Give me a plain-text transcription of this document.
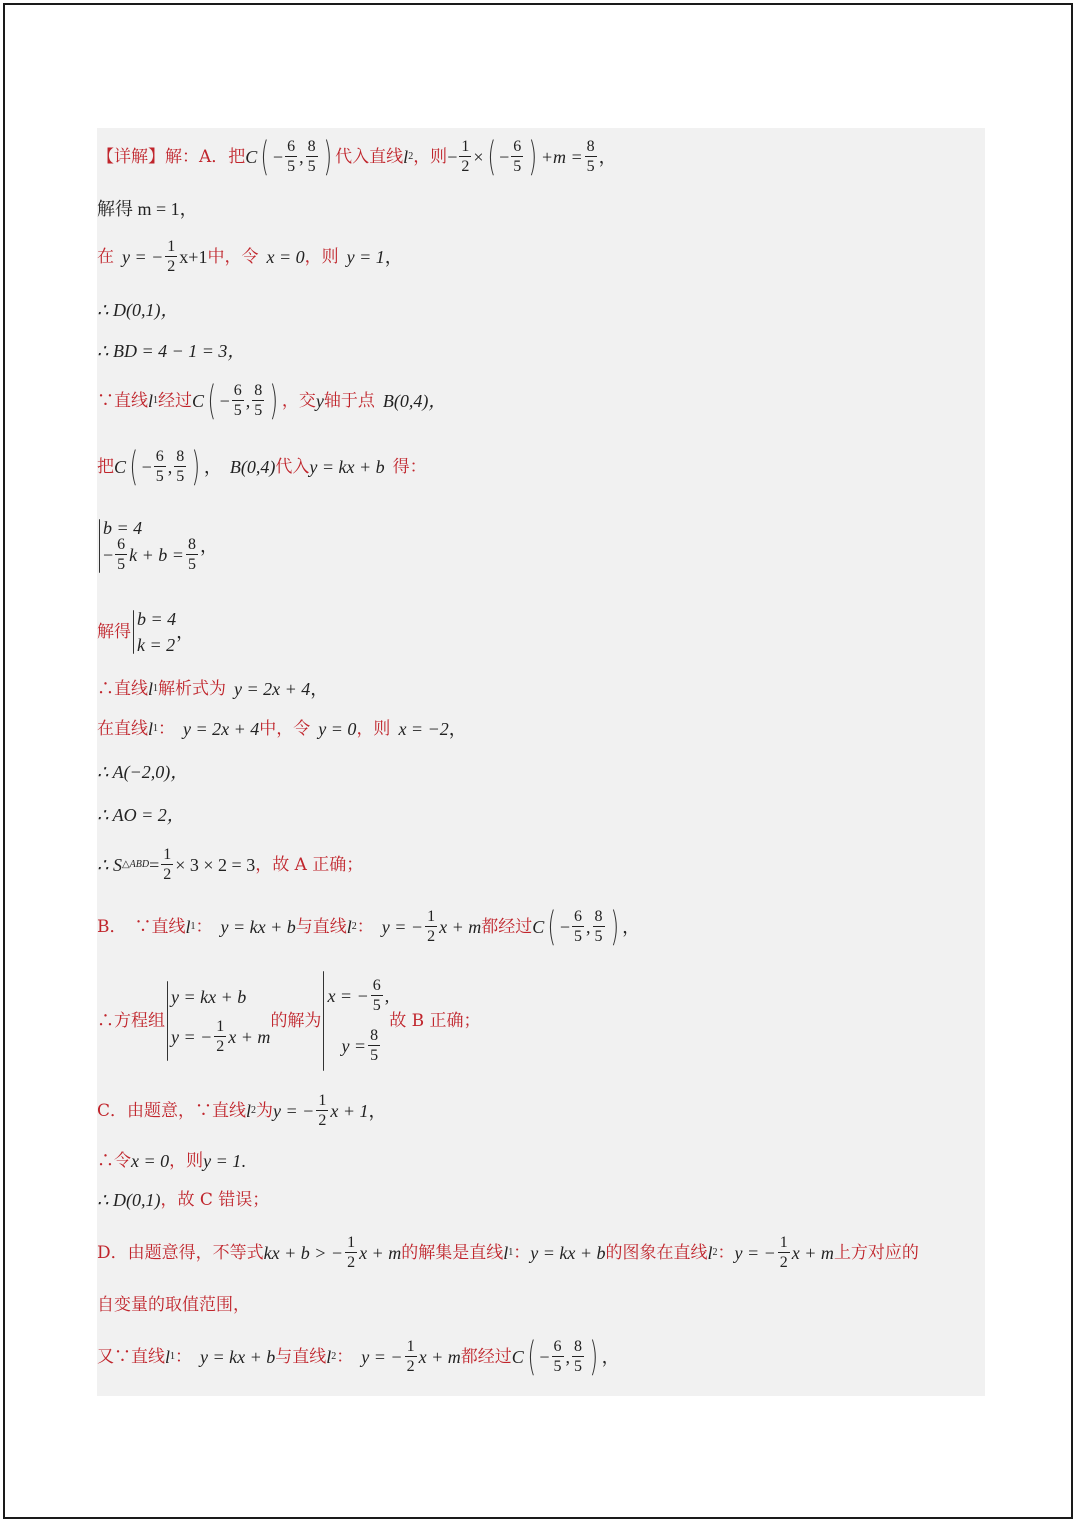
【详解】 解：A．把 C ( − $\frac{6}{5}$ , $\frac{8}{5}$ ) 代入直线 l 2 ，则 − $\frac{1}{2}$ × ( − $\frac{6}{5}$ ) $+m = \frac{8}{5}$ ，
解得 m = 1，
在 y = − $\frac{1}{2} x+1$ 中，令 x = 0 ，则 y = 1 ，
∴ D(0,1)，
∴ BD = 4 − 1 = 3，
∵直线 l 1 经过 C ( − $\frac{6}{5}$ , $\frac{8}{5}$ ) ，交 y 轴于点 B(0,4)，
把 C ( − $\frac{6}{5}$ , $\frac{8}{5}$ ) ， B(0,4) 代入 y = kx + b 得：
b = 4
− $\frac{6}{5}$ $k + b = \frac{8}{5}$ ，
解得
b = 4
k = 2
，
∴直线 l 1 解析式为 y = 2x + 4 ，
在直线 l 1 ： y = 2x + 4 中，令 y = 0 ，则 x = −2 ，
∴ A(−2,0)，
∴ AO = 2，
∴ S △ABD = $\frac{1}{2} \times 3 \times 2 = 3$ ，故 A 正确；
B． ∵直线 l 1 ： y = kx + b 与直线 l 2 ： y = − $\frac{1}{2}$ x + m 都经过 C ( − $\frac{6}{5}$ , $\frac{8}{5}$ ) ，
∴方程组
y = kx + b
y = − $\frac{1}{2}$ x + m
的解为
x = − $\frac{6}{5}$ ,
$y = \frac{8}{5}$
故 B 正确；
C．由题意， ∵直线 l 2 为 y = − $\frac{1}{2}$ x + 1 ，
∴令 x = 0 ，则 y = 1 .
∴ D(0,1) ，故 C 错误；
D．由题意得，不等式 kx + b > − $\frac{1}{2}$ x + m 的解集是直线 l 1 ： y = kx + b 的图象在直线 l 2 ： y = − $\frac{1}{2}$ x + m 上方对应的
自变量的取值范围，
又∵直线 l 1 ： y = kx + b 与直线 l 2 ： y = − $\frac{1}{2}$ x + m 都经过 C ( − $\frac{6}{5}$ , $\frac{8}{5}$ ) ，
